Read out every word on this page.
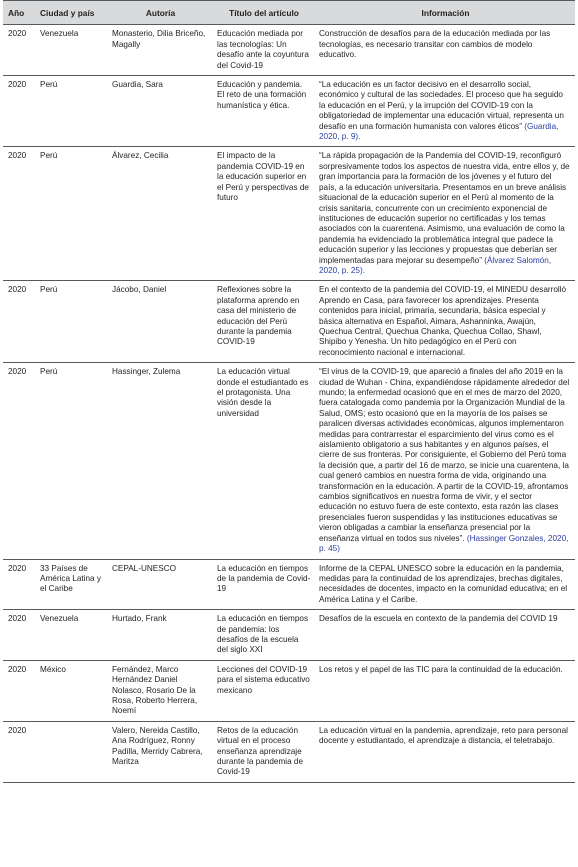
Año	Ciudad y país	Autoría	Título del artículo	Información
2020	Venezuela	Monasterio, Dilia Briceño, Magally	Educación mediada por las tecnologías: Un desafío ante la coyuntura del Covid-19	Construcción de desafíos para de la educación mediada por las tecnologías, es necesario transitar con cambios de modelo educativo.
2020	Perú	Guardia, Sara	Educación y pandemia. El reto de una formación humanística y ética.	“La educación es un factor decisivo en el desarrollo social, económico y cultural de las sociedades. El proceso que ha seguido la educación en el Perú, y la irrupción del COVID-19 con la obligatoriedad de implementar una educación virtual, representa un desafío en una formación humanista con valores éticos” (Guardia, 2020, p. 9).
2020	Perú	Álvarez, Cecilia	El impacto de la pandemia COVID-19 en la educación superior en el Perú y perspectivas de futuro	“La rápida propagación de la Pandemia del COVID-19, reconfiguró sorpresivamente todos los aspectos de nuestra vida, entre ellos y, de gran importancia para la formación de los jóvenes y el futuro del país, a la educación universitaria. Presentamos en un breve análisis situacional de la educación superior en el Perú al momento de la crisis sanitaria, concurrente con un crecimiento exponencial de instituciones de educación superior no certificadas y los temas asociados con la cuarentena. Asimismo, una evaluación de como la pandemia ha evidenciado la problemática integral que padece la educación superior y las lecciones y propuestas que deberían ser implementadas para mejorar su desempeño” (Álvarez Salomón, 2020, p. 25).
2020	Perú	Jácobo, Daniel	Reflexiones sobre la plataforma aprendo en casa del ministerio de educación del Perú durante la pandemia COVID-19	En el contexto de la pandemia del COVID-19, el MINEDU desarrolló Aprendo en Casa, para favorecer los aprendizajes. Presenta contenidos para inicial, primaria, secundaria, básica especial y básica alternativa en Español, Aimara, Ashanninka, Awajún, Quechua Central, Quechua Chanka, Quechua Collao, Shawl, Shipibo y Yenesha. Un hito pedagógico en el Perú con reconocimiento nacional e internacional.
2020	Perú	Hassinger, Zulema	La educación virtual donde el estudiantado es el protagonista. Una visión desde la universidad	“El virus de la COVID-19, que apareció a finales del año 2019 en la ciudad de Wuhan - China, expandiéndose rápidamente alrededor del mundo; la enfermedad ocasionó que en el mes de marzo del 2020, fuera catalogada como pandemia por la Organización Mundial de la Salud, OMS; esto ocasionó que en la mayoría de los países se paralicen diversas actividades económicas, algunos implementaron medidas para contrarrestar el esparcimiento del virus como es el aislamiento obligatorio a sus habitantes y en algunos países, el cierre de sus fronteras. Por consiguiente, el Gobierno del Perú toma la decisión que, a partir del 16 de marzo, se inicie una cuarentena, la cual generó cambios en nuestra forma de vida, originando una transformación en la educación. A partir de la COVID-19, afrontamos cambios significativos en nuestra forma de vivir, y el sector educación no estuvo fuera de este contexto, esta razón las clases presenciales fueron suspendidas y las instituciones educativas se vieron obligadas a cambiar la enseñanza presencial por la enseñanza virtual en todos sus niveles”. (Hassinger Gonzales, 2020, p. 45)
2020	33 Países de América Latina y el Caribe	CEPAL-UNESCO	La educación en tiempos de la pandemia de Covid-19	Informe de la CEPAL UNESCO sobre la educación en la pandemia, medidas para la continuidad de los aprendizajes, brechas digitales, necesidades de docentes, impacto en la comunidad educativa; en el América Latina y el Caribe.
2020	Venezuela	Hurtado, Frank	La educación en tiempos de pandemia: los desafíos de la escuela del siglo XXI	Desafíos de la escuela en contexto de la pandemia del COVID 19
2020	México	Fernández, Marco Hernández Daniel Nolasco, Rosario De la Rosa, Roberto Herrera, Noemí	Lecciones del COVID-19 para el sistema educativo mexicano	Los retos y el papel de las TIC para la continuidad de la educación.
2020		Valero, Nereida Castillo, Ana Rodríguez, Ronny Padilla, Merridy Cabrera, Maritza	Retos de la educación virtual en el proceso enseñanza aprendizaje durante la pandemia de Covid-19	La educación virtual en la pandemia, aprendizaje, reto para personal docente y estudiantado, el aprendizaje a distancia, el teletrabajo.
